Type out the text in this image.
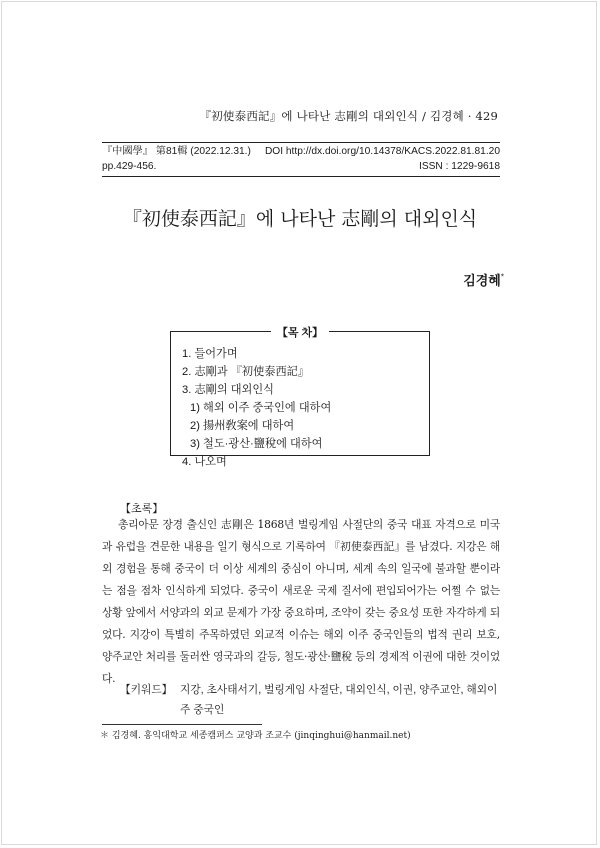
『初使泰西記』에 나타난 志剛의 대외인식 / 김경혜 · 429
『中國學』 第81輯 (2022.12.31.) DOI http://dx.doi.org/10.14378/KACS.2022.81.81.20
pp.429-456.	ISSN : 1229-9618
『初使泰西記』에 나타난 志剛의 대외인식
김경혜*
【목 차】
1. 들어가며
2. 志剛과 『初使泰西記』
3. 志剛의 대외인식
1) 해외 이주 중국인에 대하여
2) 揚州敎案에 대하여
3) 철도·광산·鹽稅에 대하여
4. 나오며
【초록】
총리아문 장경 출신인 志剛은 1868년 벌링게임 사절단의 중국 대표 자격으로 미국과 유럽을 견문한 내용을 일기 형식으로 기록하여 『初使泰西記』를 남겼다. 지강은 해외 경험을 통해 중국이 더 이상 세계의 중심이 아니며, 세계 속의 일국에 불과할 뿐이라는 점을 점차 인식하게 되었다. 중국이 새로운 국제 질서에 편입되어가는 어쩔 수 없는 상황 앞에서 서양과의 외교 문제가 가장 중요하며, 조약이 갖는 중요성 또한 자각하게 되었다. 지강이 특별히 주목하였던 외교적 이슈는 해외 이주 중국인들의 법적 권리 보호, 양주교안 처리를 둘러싼 영국과의 갈등, 철도·광산·鹽稅 등의 경제적 이권에 대한 것이었다.
【키워드】 지강, 초사태서기, 벌링게임 사절단, 대외인식, 이권, 양주교안, 해외이주 중국인
＊ 김경혜. 홍익대학교 세종캠퍼스 교양과 조교수 (jinqinghui@hanmail.net)
